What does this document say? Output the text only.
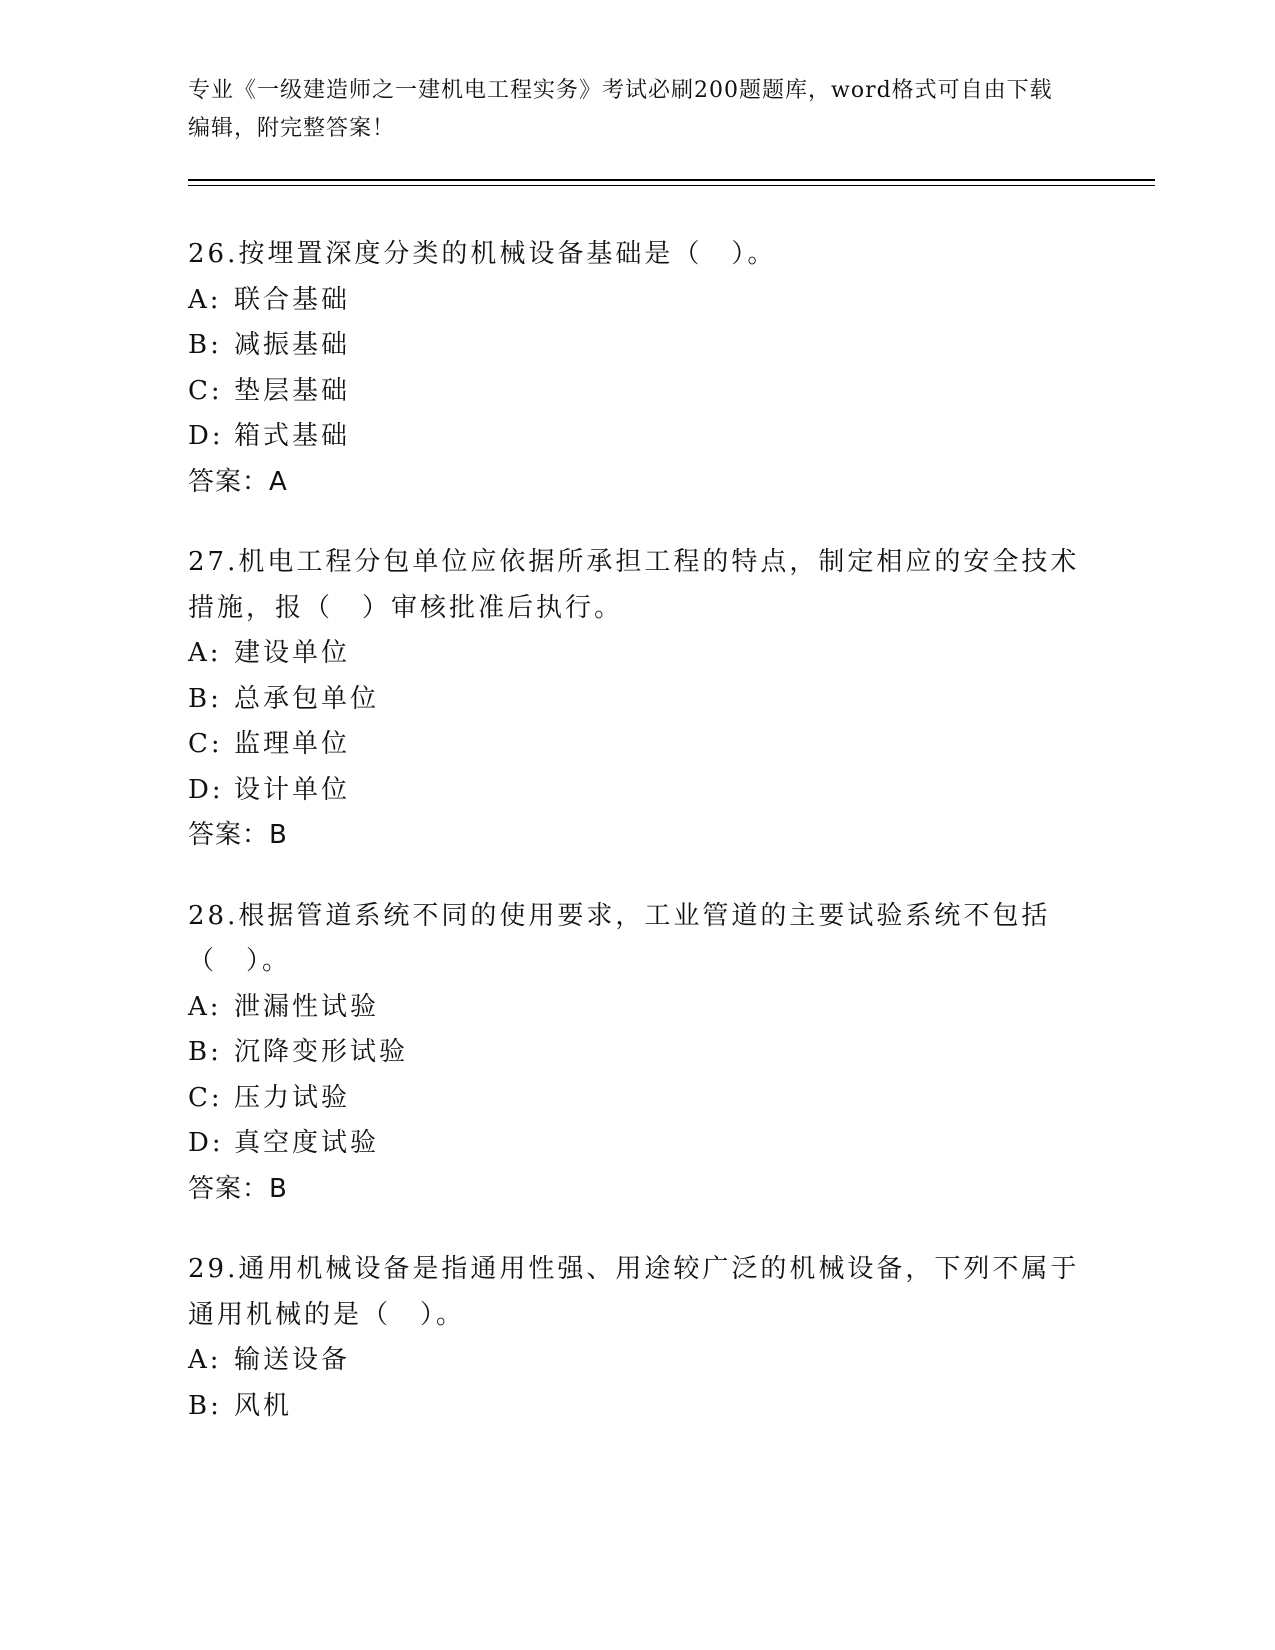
专业《一级建造师之一建机电工程实务》考试必刷200题题库，word格式可自由下载编辑，附完整答案！
26.按埋置深度分类的机械设备基础是（　）。
A: 联合基础
B: 减振基础
C: 垫层基础
D: 箱式基础
答案：A
27.机电工程分包单位应依据所承担工程的特点，制定相应的安全技术措施，报（　）审核批准后执行。
A: 建设单位
B: 总承包单位
C: 监理单位
D: 设计单位
答案：B
28.根据管道系统不同的使用要求，工业管道的主要试验系统不包括（　）。
A: 泄漏性试验
B: 沉降变形试验
C: 压力试验
D: 真空度试验
答案：B
29.通用机械设备是指通用性强、用途较广泛的机械设备，下列不属于通用机械的是（　）。
A: 输送设备
B: 风机
